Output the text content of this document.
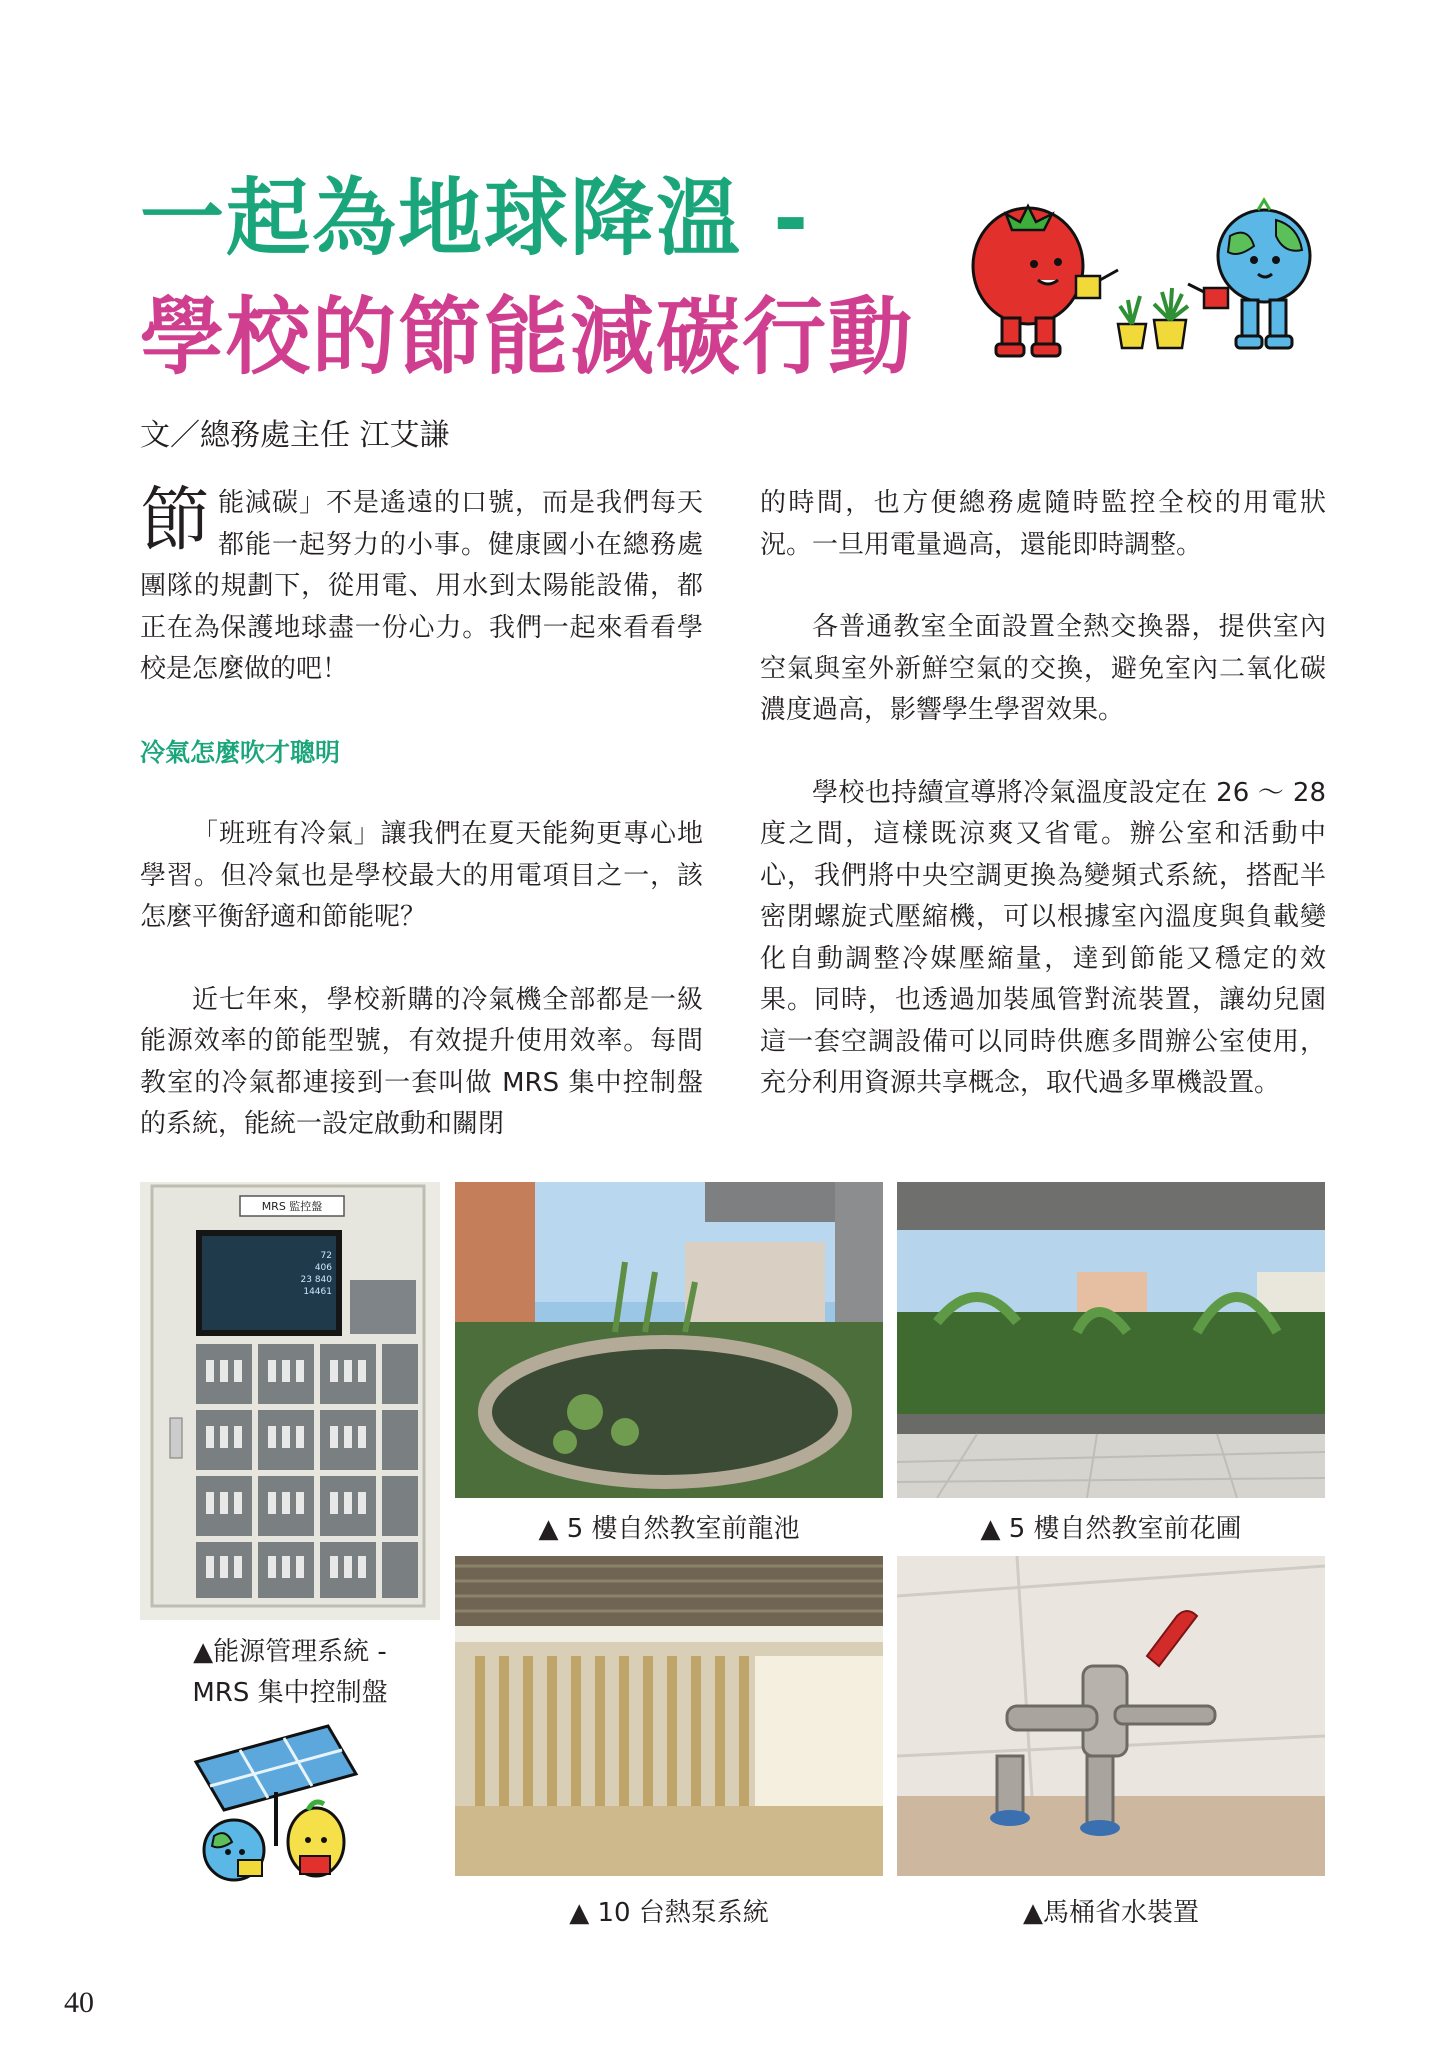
一起為地球降溫 -
學校的節能減碳行動
文／總務處主任 江艾謙

節能減碳」不是遙遠的口號，而是我們每天都能一起努力的小事。健康國小在總務處團隊的規劃下，從用電、用水到太陽能設備，都正在為保護地球盡一份心力。我們一起來看看學校是怎麼做的吧！

冷氣怎麼吹才聰明

「班班有冷氣」讓我們在夏天能夠更專心地學習。但冷氣也是學校最大的用電項目之一，該怎麼平衡舒適和節能呢？

近七年來，學校新購的冷氣機全部都是一級能源效率的節能型號，有效提升使用效率。每間教室的冷氣都連接到一套叫做 MRS 集中控制盤的系統，能統一設定啟動和關閉

的時間，也方便總務處隨時監控全校的用電狀況。一旦用電量過高，還能即時調整。

各普通教室全面設置全熱交換器，提供室內空氣與室外新鮮空氣的交換，避免室內二氧化碳濃度過高，影響學生學習效果。

學校也持續宣導將冷氣溫度設定在 26 ～ 28 度之間，這樣既涼爽又省電。辦公室和活動中心，我們將中央空調更換為變頻式系統，搭配半密閉螺旋式壓縮機，可以根據室內溫度與負載變化自動調整冷媒壓縮量，達到節能又穩定的效果。同時，也透過加裝風管對流裝置，讓幼兒園這一套空調設備可以同時供應多間辦公室使用，充分利用資源共享概念，取代過多單機設置。

MRS 監控盤
72
406
23 840
14461
▲能源管理系統 -
MRS 集中控制盤
▲ 5 樓自然教室前龍池	▲ 5 樓自然教室前花圃
▲ 10 台熱泵系統	▲馬桶省水裝置
40
